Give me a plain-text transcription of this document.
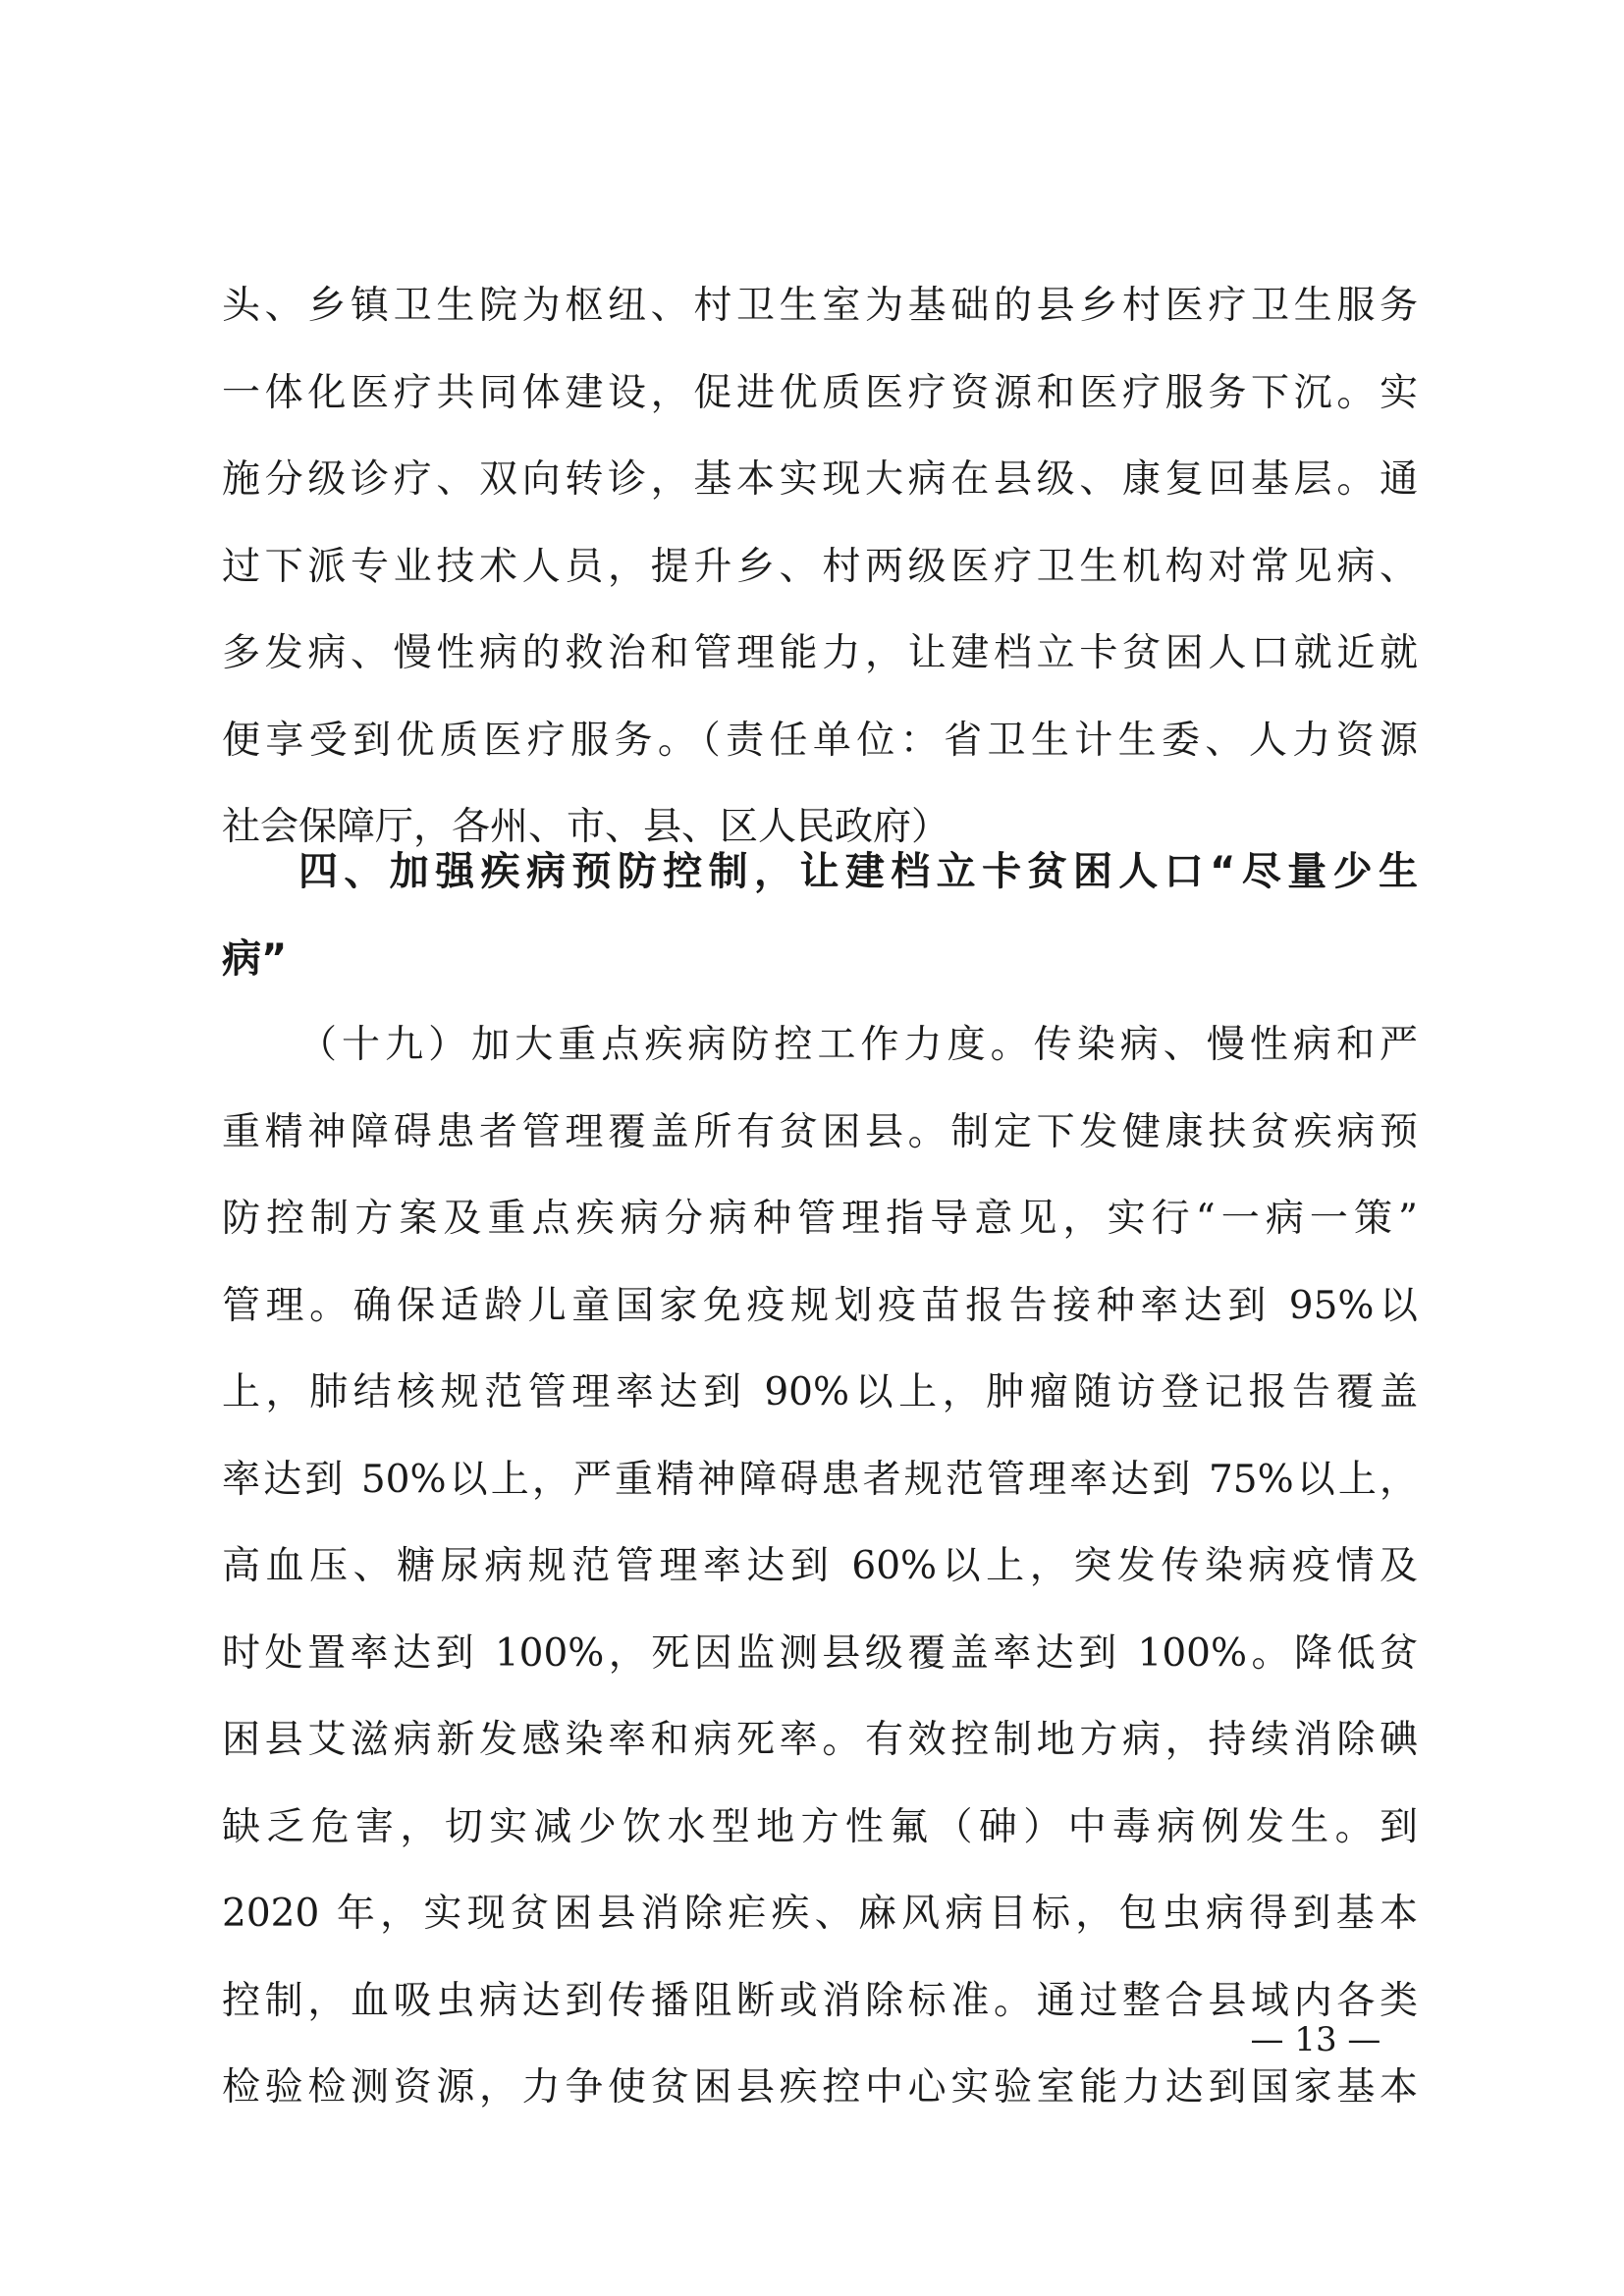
头、乡镇卫生院为枢纽、村卫生室为基础的县乡村医疗卫生服务
一体化医疗共同体建设，促进优质医疗资源和医疗服务下沉。实
施分级诊疗、双向转诊，基本实现大病在县级、康复回基层。通
过下派专业技术人员，提升乡、村两级医疗卫生机构对常见病、
多发病、慢性病的救治和管理能力，让建档立卡贫困人口就近就
便享受到优质医疗服务。（责任单位：省卫生计生委、人力资源
社会保障厅，各州、市、县、区人民政府）
四、加强疾病预防控制，让建档立卡贫困人口“尽量少生
病”
（十九）加大重点疾病防控工作力度。传染病、慢性病和严
重精神障碍患者管理覆盖所有贫困县。制定下发健康扶贫疾病预
防控制方案及重点疾病分病种管理指导意见，实行“一病一策”
管理。确保适龄儿童国家免疫规划疫苗报告接种率达到 95%以
上，肺结核规范管理率达到 90%以上，肿瘤随访登记报告覆盖
率达到 50%以上，严重精神障碍患者规范管理率达到 75%以上，
高血压、糖尿病规范管理率达到 60%以上，突发传染病疫情及
时处置率达到 100%，死因监测县级覆盖率达到 100%。降低贫
困县艾滋病新发感染率和病死率。有效控制地方病，持续消除碘
缺乏危害，切实减少饮水型地方性氟（砷）中毒病例发生。到
2020 年，实现贫困县消除疟疾、麻风病目标，包虫病得到基本
控制，血吸虫病达到传播阻断或消除标准。通过整合县域内各类
检验检测资源，力争使贫困县疾控中心实验室能力达到国家基本
— 13 —
